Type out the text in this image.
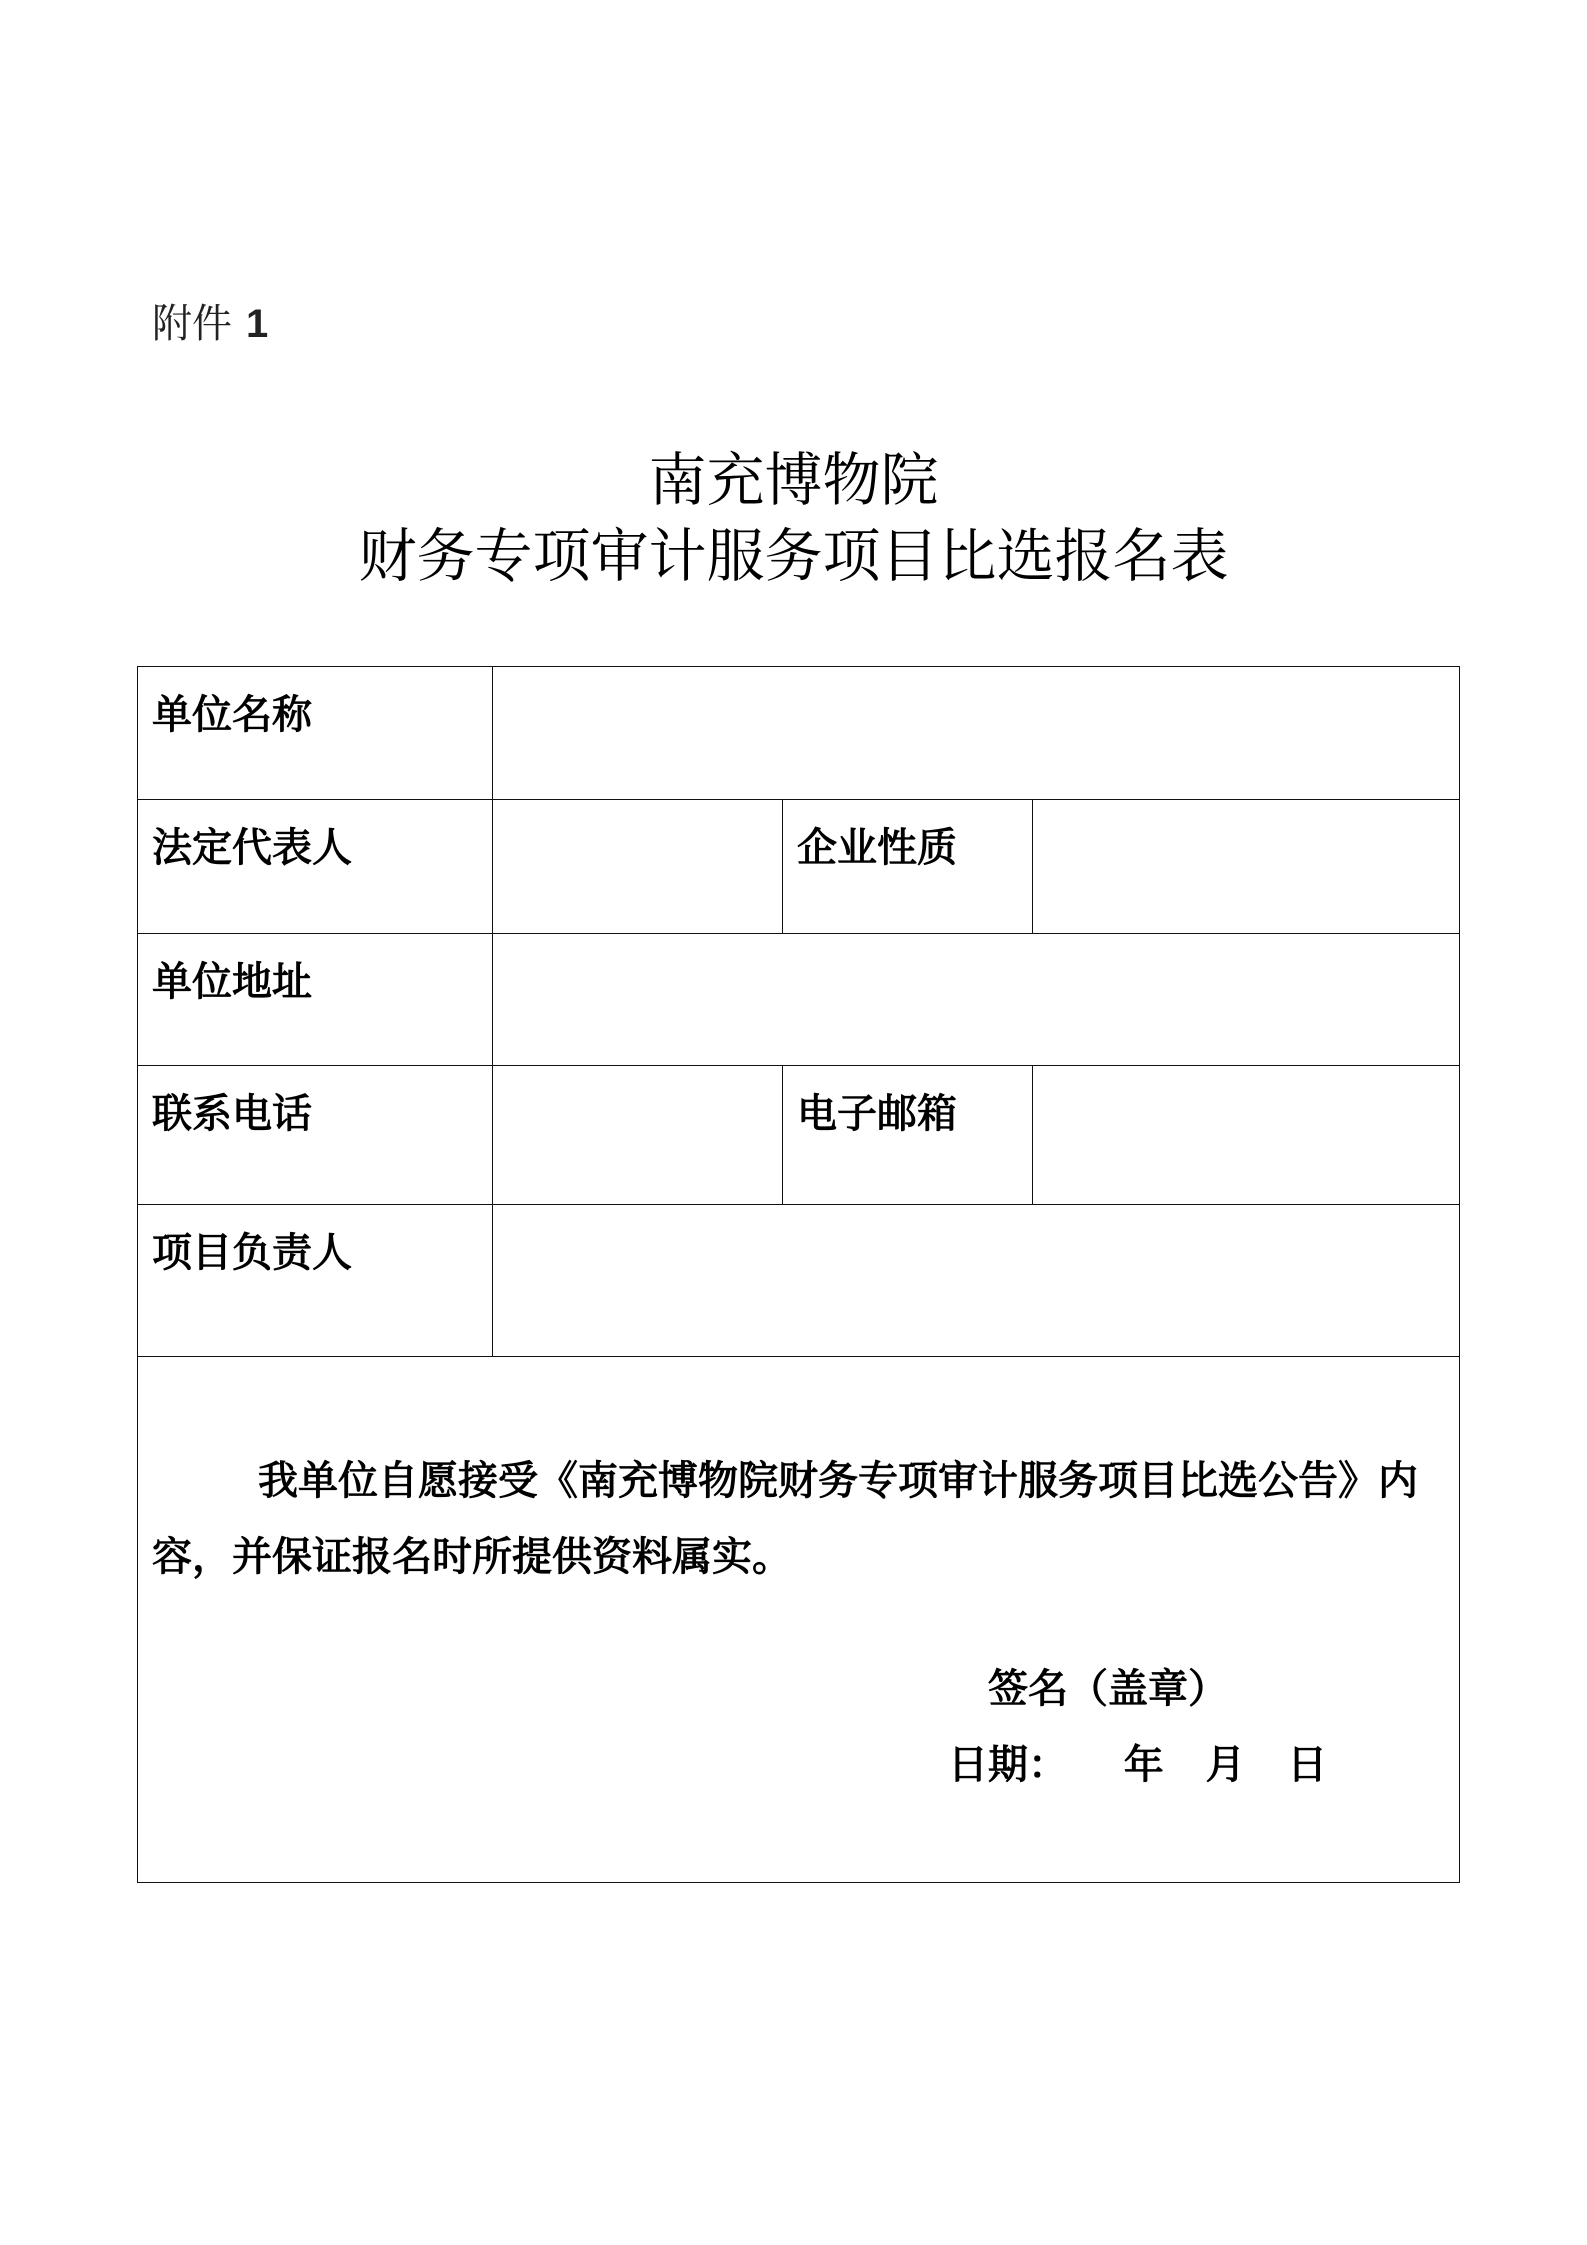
附件 1
南充博物院
财务专项审计服务项目比选报名表
单位名称			

法定代表人		企业性质	

单位地址			

联系电话		电子邮箱	

项目负责人			

我单位自愿接受《南充博物院财务专项审计服务项目比选公告》内容，并保证报名时所提供资料属实。
签名（盖章）
日期：    年   月   日			
